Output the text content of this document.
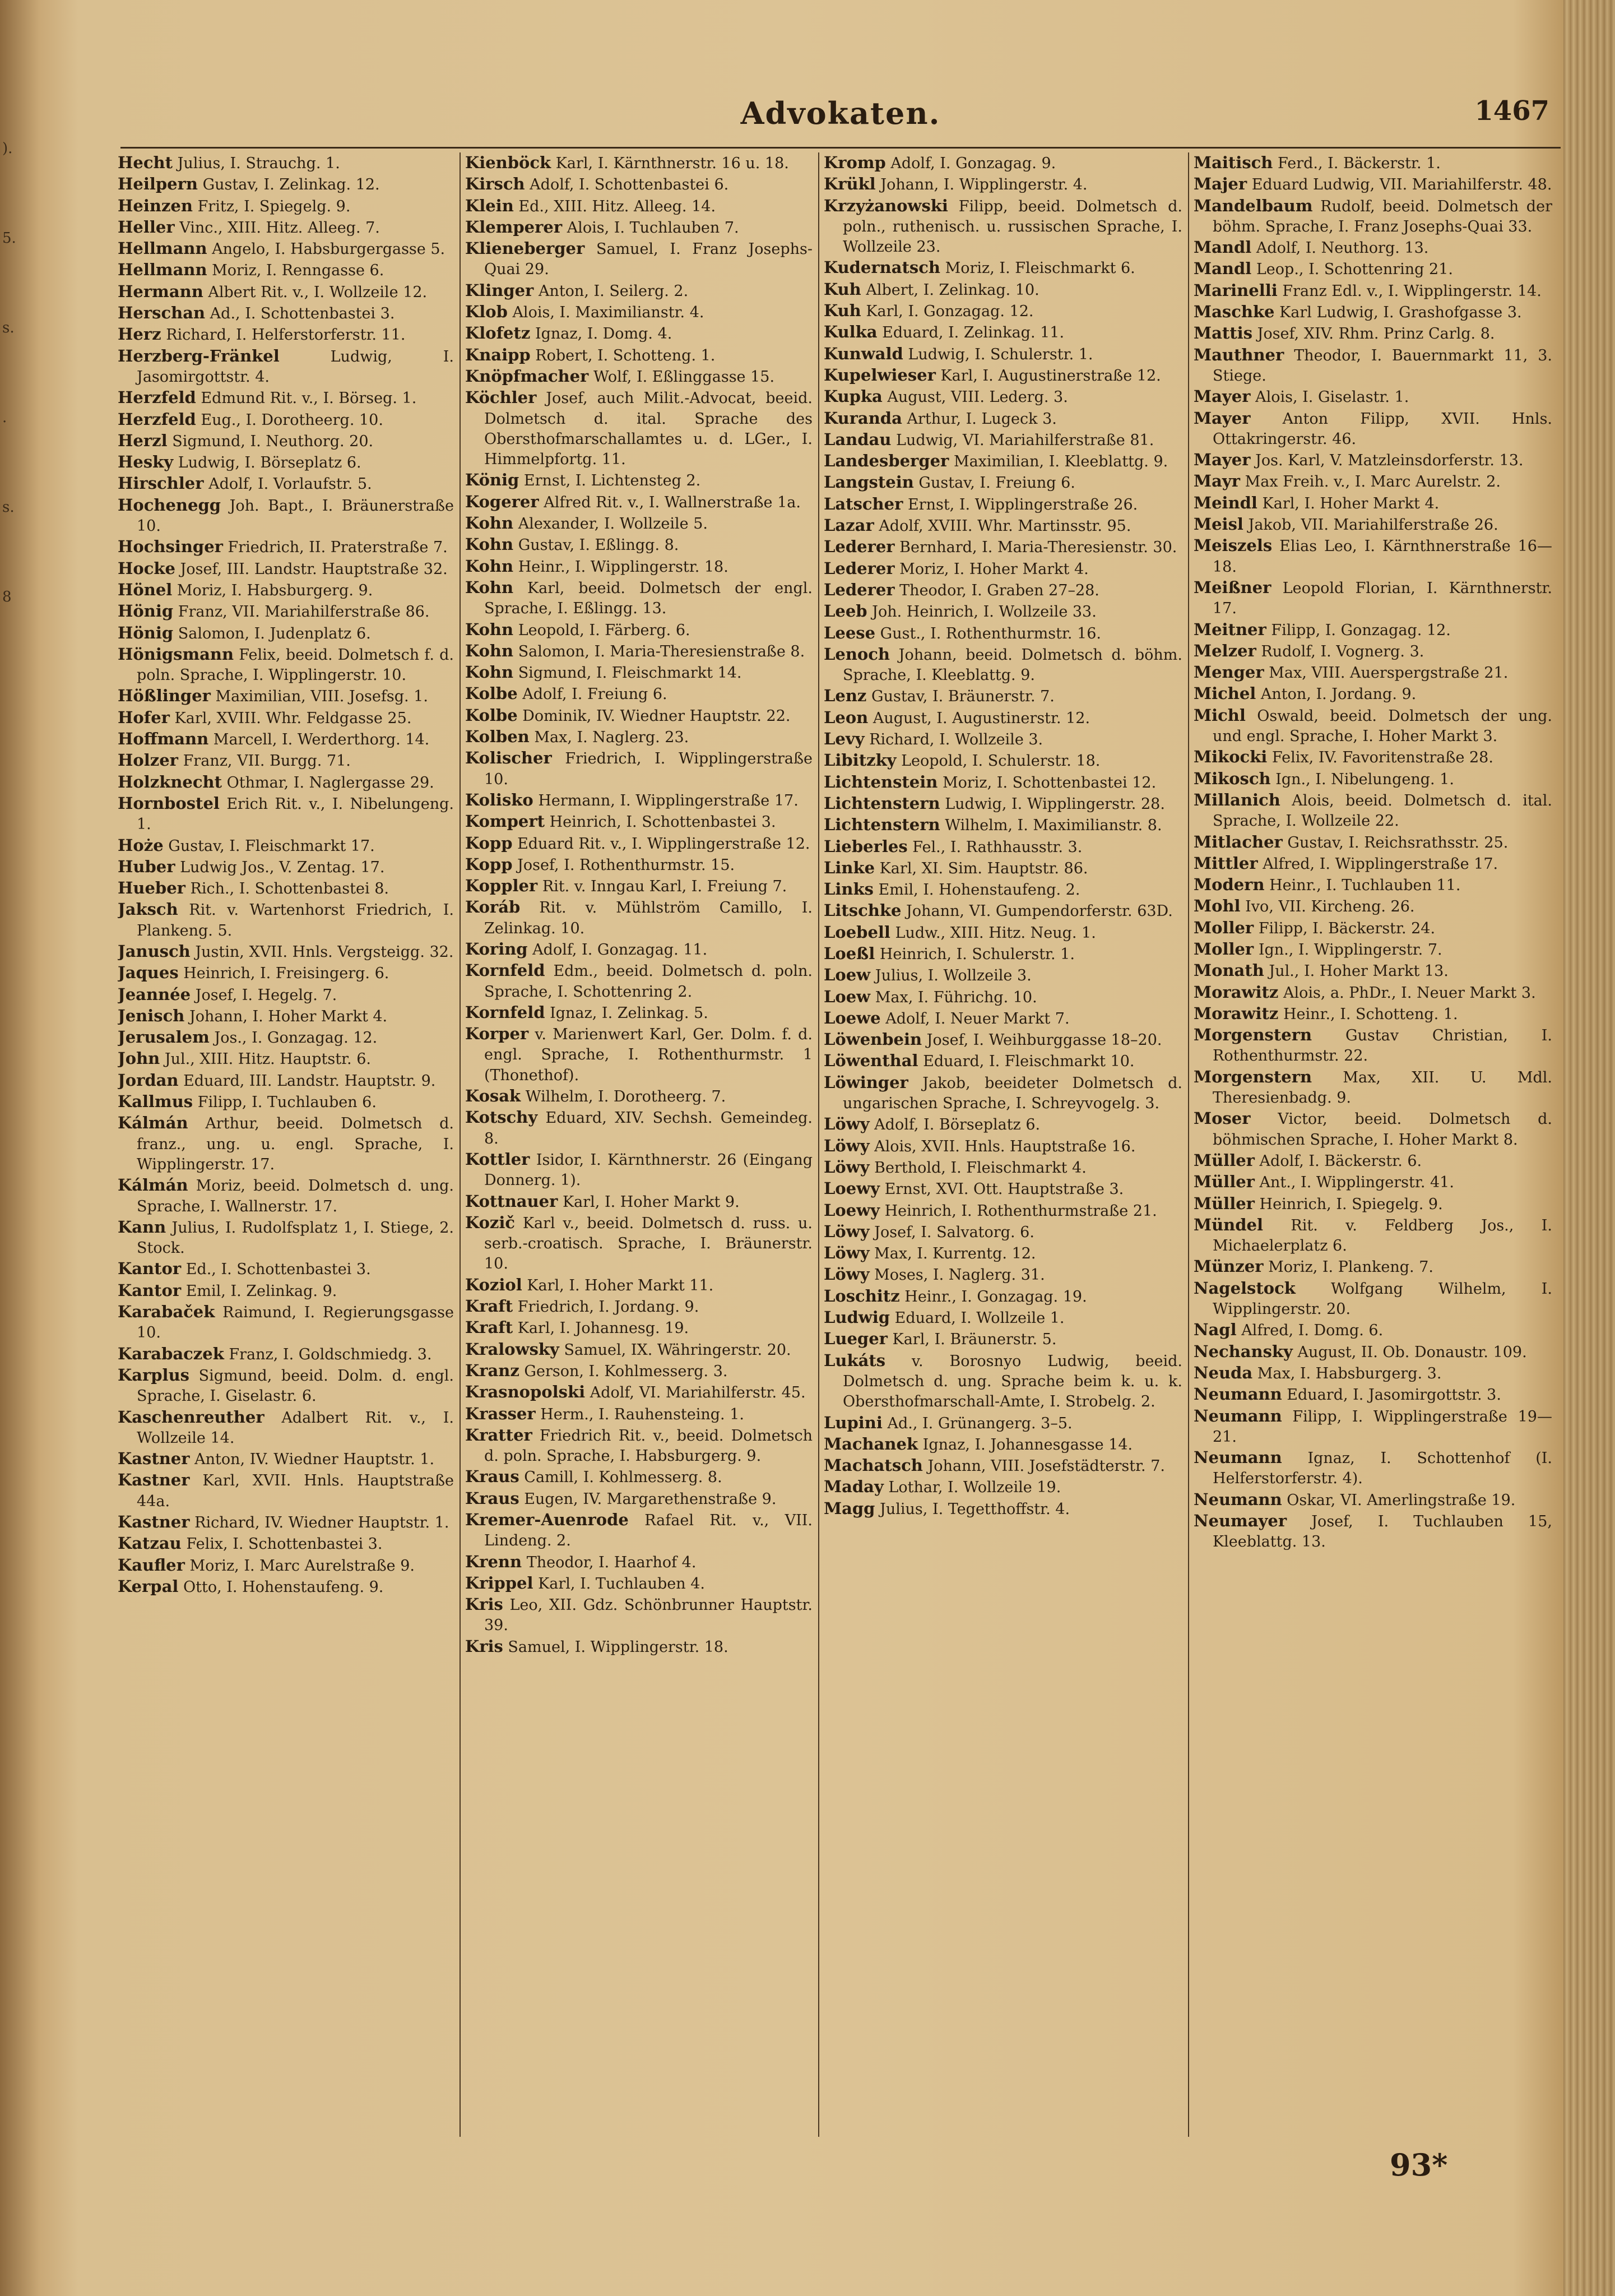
).
5.
s.
.
s.
8
Advokaten.	1467

Hecht Julius, I. Strauchg. 1.

Heilpern Gustav, I. Zelinkag. 12.

Heinzen Fritz, I. Spiegelg. 9.

Heller Vinc., XIII. Hitz. Alleeg. 7.

Hellmann Angelo, I. Habsburgergasse 5.

Hellmann Moriz, I. Renngasse 6.

Hermann Albert Rit. v., I. Wollzeile 12.

Herschan Ad., I. Schottenbastei 3.

Herz Richard, I. Helferstorferstr. 11.

Herzberg-Fränkel	Ludwig, I. Jasomirgottstr. 4.

Herzfeld Edmund Rit. v., I. Börseg. 1.

Herzfeld Eug., I. Dorotheerg. 10.

Herzl Sigmund, I. Neuthorg. 20.

Hesky Ludwig, I. Börseplatz 6.

Hirschler Adolf, I. Vorlaufstr. 5.

Hochenegg Joh. Bapt., I. Bräunerstraße 10.

Hochsinger Friedrich, II. Praterstraße 7.

Hocke Josef, III. Landstr. Hauptstraße 32.

Hönel Moriz, I. Habsburgerg. 9.

Hönig Franz, VII. Mariahilferstraße 86.

Hönig Salomon, I. Judenplatz 6.

Hönigsmann Felix, beeid. Dolmetsch f. d. poln. Sprache, I. Wipplingerstr. 10.

Hößlinger Maximilian, VIII. Josefsg. 1.

Hofer Karl, XVIII. Whr. Feldgasse 25.

Hoffmann Marcell, I. Werderthorg. 14.

Holzer Franz, VII. Burgg. 71.

Holzknecht Othmar, I. Naglergasse 29.

Hornbostel Erich Rit. v., I. Nibelungeng. 1.

Hoże Gustav, I. Fleischmarkt 17.

Huber Ludwig Jos., V. Zentag. 17.

Hueber Rich., I. Schottenbastei 8.

Jaksch Rit. v. Wartenhorst Friedrich, I. Plankeng. 5.

Janusch Justin, XVII. Hnls. Vergsteigg. 32.

Jaques Heinrich, I. Freisingerg. 6.

Jeannée Josef, I. Hegelg. 7.

Jenisch Johann, I. Hoher Markt 4.

Jerusalem Jos., I. Gonzagag. 12.

John Jul., XIII. Hitz. Hauptstr. 6.

Jordan Eduard, III. Landstr. Hauptstr. 9.

Kallmus Filipp, I. Tuchlauben 6.

Kálmán Arthur, beeid. Dolmetsch d. franz., ung. u. engl. Sprache, I. Wipplingerstr. 17.

Kálmán Moriz, beeid. Dolmetsch d. ung. Sprache, I. Wallnerstr. 17.

Kann Julius, I. Rudolfsplatz 1, I. Stiege, 2. Stock.

Kantor Ed., I. Schottenbastei 3.

Kantor Emil, I. Zelinkag. 9.

Karabaček Raimund, I. Regierungsgasse 10.

Karabaczek Franz, I. Goldschmiedg. 3.

Karplus Sigmund, beeid. Dolm. d. engl. Sprache, I. Giselastr. 6.

Kaschenreuther Adalbert Rit. v., I. Wollzeile 14.

Kastner Anton, IV. Wiedner Hauptstr. 1.

Kastner Karl, XVII. Hnls. Hauptstraße 44a.

Kastner Richard, IV. Wiedner Hauptstr. 1.

Katzau Felix, I. Schottenbastei 3.

Kaufler Moriz, I. Marc Aurelstraße 9.

Kerpal Otto, I. Hohenstaufeng. 9.

Kienböck Karl, I. Kärnthnerstr. 16 u. 18.

Kirsch Adolf, I. Schottenbastei 6.

Klein Ed., XIII. Hitz. Alleeg. 14.

Klemperer Alois, I. Tuchlauben 7.

Klieneberger Samuel, I. Franz Josephs-Quai 29.

Klinger Anton, I. Seilerg. 2.

Klob Alois, I. Maximilianstr. 4.

Klofetz Ignaz, I. Domg. 4.

Knaipp Robert, I. Schotteng. 1.

Knöpfmacher Wolf, I. Eßlinggasse 15.

Köchler Josef, auch Milit.-Advocat, beeid. Dolmetsch d. ital. Sprache des Obersthofmarschallamtes u. d. LGer., I. Himmelpfortg. 11.

König Ernst, I. Lichtensteg 2.

Kogerer Alfred Rit. v., I. Wallnerstraße 1a.

Kohn Alexander, I. Wollzeile 5.

Kohn Gustav, I. Eßlingg. 8.

Kohn Heinr., I. Wipplingerstr. 18.

Kohn Karl, beeid. Dolmetsch der engl. Sprache, I. Eßlingg. 13.

Kohn Leopold, I. Färberg. 6.

Kohn Salomon, I. Maria-Theresienstraße 8.

Kohn Sigmund, I. Fleischmarkt 14.

Kolbe Adolf, I. Freiung 6.

Kolbe Dominik, IV. Wiedner Hauptstr. 22.

Kolben Max, I. Naglerg. 23.

Kolischer Friedrich, I. Wipplingerstraße 10.

Kolisko Hermann, I. Wipplingerstraße 17.

Kompert Heinrich, I. Schottenbastei 3.

Kopp Eduard Rit. v., I. Wipplingerstraße 12.

Kopp Josef, I. Rothenthurmstr. 15.

Koppler Rit. v. Inngau Karl, I. Freiung 7.

Koráb Rit. v. Mühlström Camillo, I. Zelinkag. 10.

Koring Adolf, I. Gonzagag. 11.

Kornfeld Edm., beeid. Dolmetsch d. poln. Sprache, I. Schottenring 2.

Kornfeld Ignaz, I. Zelinkag. 5.

Korper v. Marienwert Karl, Ger. Dolm. f. d. engl. Sprache, I. Rothenthurmstr. 1 (Thonethof).

Kosak Wilhelm, I. Dorotheerg. 7.

Kotschy Eduard, XIV. Sechsh. Gemeindeg. 8.

Kottler Isidor, I. Kärnthnerstr. 26 (Eingang Donnerg. 1).

Kottnauer Karl, I. Hoher Markt 9.

Kozič Karl v., beeid. Dolmetsch d. russ. u. serb.-croatisch. Sprache, I. Bräunerstr. 10.

Koziol Karl, I. Hoher Markt 11.

Kraft Friedrich, I. Jordang. 9.

Kraft Karl, I. Johannesg. 19.

Kralowsky Samuel, IX. Währingerstr. 20.

Kranz Gerson, I. Kohlmesserg. 3.

Krasnopolski Adolf, VI. Mariahilferstr. 45.

Krasser Herm., I. Rauhensteing. 1.

Kratter Friedrich Rit. v., beeid. Dolmetsch d. poln. Sprache, I. Habsburgerg. 9.

Kraus Camill, I. Kohlmesserg. 8.

Kraus Eugen, IV. Margarethenstraße 9.

Kremer-Auenrode Rafael Rit. v., VII. Lindeng. 2.

Krenn Theodor, I. Haarhof 4.

Krippel Karl, I. Tuchlauben 4.

Kris Leo, XII. Gdz. Schönbrunner Hauptstr. 39.

Kris Samuel, I. Wipplingerstr. 18.

Kromp Adolf, I. Gonzagag. 9.

Krükl Johann, I. Wipplingerstr. 4.

Krzyżanowski Filipp, beeid. Dolmetsch d. poln., ruthenisch. u. russischen Sprache, I. Wollzeile 23.

Kudernatsch Moriz, I. Fleischmarkt 6.

Kuh Albert, I. Zelinkag. 10.

Kuh Karl, I. Gonzagag. 12.

Kulka Eduard, I. Zelinkag. 11.

Kunwald Ludwig, I. Schulerstr. 1.

Kupelwieser Karl, I. Augustinerstraße 12.

Kupka August, VIII. Lederg. 3.

Kuranda Arthur, I. Lugeck 3.

Landau Ludwig, VI. Mariahilferstraße 81.

Landesberger Maximilian, I. Kleeblattg. 9.

Langstein Gustav, I. Freiung 6.

Latscher Ernst, I. Wipplingerstraße 26.

Lazar Adolf, XVIII. Whr. Martinsstr. 95.

Lederer Bernhard, I. Maria-Theresienstr. 30.

Lederer Moriz, I. Hoher Markt 4.

Lederer Theodor, I. Graben 27–28.

Leeb Joh. Heinrich, I. Wollzeile 33.

Leese Gust., I. Rothenthurmstr. 16.

Lenoch Johann, beeid. Dolmetsch d. böhm. Sprache, I. Kleeblattg. 9.

Lenz Gustav, I. Bräunerstr. 7.

Leon August, I. Augustinerstr. 12.

Levy Richard, I. Wollzeile 3.

Libitzky Leopold, I. Schulerstr. 18.

Lichtenstein Moriz, I. Schottenbastei 12.

Lichtenstern Ludwig, I. Wipplingerstr. 28.

Lichtenstern Wilhelm, I. Maximilianstr. 8.

Lieberles Fel., I. Rathhausstr. 3.

Linke Karl, XI. Sim. Hauptstr. 86.

Links Emil, I. Hohenstaufeng. 2.

Litschke Johann, VI. Gumpendorferstr. 63D.

Loebell Ludw., XIII. Hitz. Neug. 1.

Loeßl Heinrich, I. Schulerstr. 1.

Loew Julius, I. Wollzeile 3.

Loew Max, I. Führichg. 10.

Loewe Adolf, I. Neuer Markt 7.

Löwenbein Josef, I. Weihburggasse 18–20.

Löwenthal Eduard, I. Fleischmarkt 10.

Löwinger Jakob, beeideter Dolmetsch d. ungarischen Sprache, I. Schreyvogelg. 3.

Löwy Adolf, I. Börseplatz 6.

Löwy Alois, XVII. Hnls. Hauptstraße 16.

Löwy Berthold, I. Fleischmarkt 4.

Loewy Ernst, XVI. Ott. Hauptstraße 3.

Loewy Heinrich, I. Rothenthurmstraße 21.

Löwy Josef, I. Salvatorg. 6.

Löwy Max, I. Kurrentg. 12.

Löwy Moses, I. Naglerg. 31.

Loschitz Heinr., I. Gonzagag. 19.

Ludwig Eduard, I. Wollzeile 1.

Lueger Karl, I. Bräunerstr. 5.

Lukáts v. Borosnyo Ludwig, beeid. Dolmetsch d. ung. Sprache beim k. u. k. Obersthofmarschall-Amte, I. Strobelg. 2.

Lupini Ad., I. Grünangerg. 3–5.

Machanek Ignaz, I. Johannesgasse 14.

Machatsch Johann, VIII. Josefstädterstr. 7.

Maday Lothar, I. Wollzeile 19.

Magg Julius, I. Tegetthoffstr. 4.

Maitisch Ferd., I. Bäckerstr. 1.

Majer Eduard Ludwig, VII. Mariahilferstr. 48.

Mandelbaum Rudolf, beeid. Dolmetsch der böhm. Sprache, I. Franz Josephs-Quai 33.

Mandl Adolf, I. Neuthorg. 13.

Mandl Leop., I. Schottenring 21.

Marinelli Franz Edl. v., I. Wipplingerstr. 14.

Maschke Karl Ludwig, I. Grashofgasse 3.

Mattis Josef, XIV. Rhm. Prinz Carlg. 8.

Mauthner Theodor, I. Bauernmarkt 11, 3. Stiege.

Mayer Alois, I. Giselastr. 1.

Mayer Anton Filipp, XVII. Hnls. Ottakringerstr. 46.

Mayer Jos. Karl, V. Matzleinsdorferstr. 13.

Mayr Max Freih. v., I. Marc Aurelstr. 2.

Meindl Karl, I. Hoher Markt 4.

Meisl Jakob, VII. Mariahilferstraße 26.

Meiszels Elias Leo, I. Kärnthnerstraße 16—18.

Meißner Leopold Florian, I. Kärnthnerstr. 17.

Meitner Filipp, I. Gonzagag. 12.

Melzer Rudolf, I. Vognerg. 3.

Menger Max, VIII. Auerspergstraße 21.

Michel Anton, I. Jordang. 9.

Michl Oswald, beeid. Dolmetsch der ung. und engl. Sprache, I. Hoher Markt 3.

Mikocki Felix, IV. Favoritenstraße 28.

Mikosch Ign., I. Nibelungeng. 1.

Millanich Alois, beeid. Dolmetsch d. ital. Sprache, I. Wollzeile 22.

Mitlacher Gustav, I. Reichsrathsstr. 25.

Mittler Alfred, I. Wipplingerstraße 17.

Modern Heinr., I. Tuchlauben 11.

Mohl Ivo, VII. Kircheng. 26.

Moller Filipp, I. Bäckerstr. 24.

Moller Ign., I. Wipplingerstr. 7.

Monath Jul., I. Hoher Markt 13.

Morawitz Alois, a. PhDr., I. Neuer Markt 3.

Morawitz Heinr., I. Schotteng. 1.

Morgenstern Gustav Christian, I. Rothenthurmstr. 22.

Morgenstern Max, XII. U. Mdl. Theresienbadg. 9.

Moser Victor, beeid. Dolmetsch d. böhmischen Sprache, I. Hoher Markt 8.

Müller Adolf, I. Bäckerstr. 6.

Müller Ant., I. Wipplingerstr. 41.

Müller Heinrich, I. Spiegelg. 9.

Mündel Rit. v. Feldberg Jos., I. Michaelerplatz 6.

Münzer Moriz, I. Plankeng. 7.

Nagelstock Wolfgang Wilhelm, I. Wipplingerstr. 20.

Nagl Alfred, I. Domg. 6.

Nechansky August, II. Ob. Donaustr. 109.

Neuda Max, I. Habsburgerg. 3.

Neumann Eduard, I. Jasomirgottstr. 3.

Neumann Filipp, I. Wipplingerstraße 19—21.

Neumann Ignaz, I. Schottenhof (I. Helferstorferstr. 4).

Neumann Oskar, VI. Amerlingstraße 19.

Neumayer Josef, I. Tuchlauben 15, Kleeblattg. 13.

93*
